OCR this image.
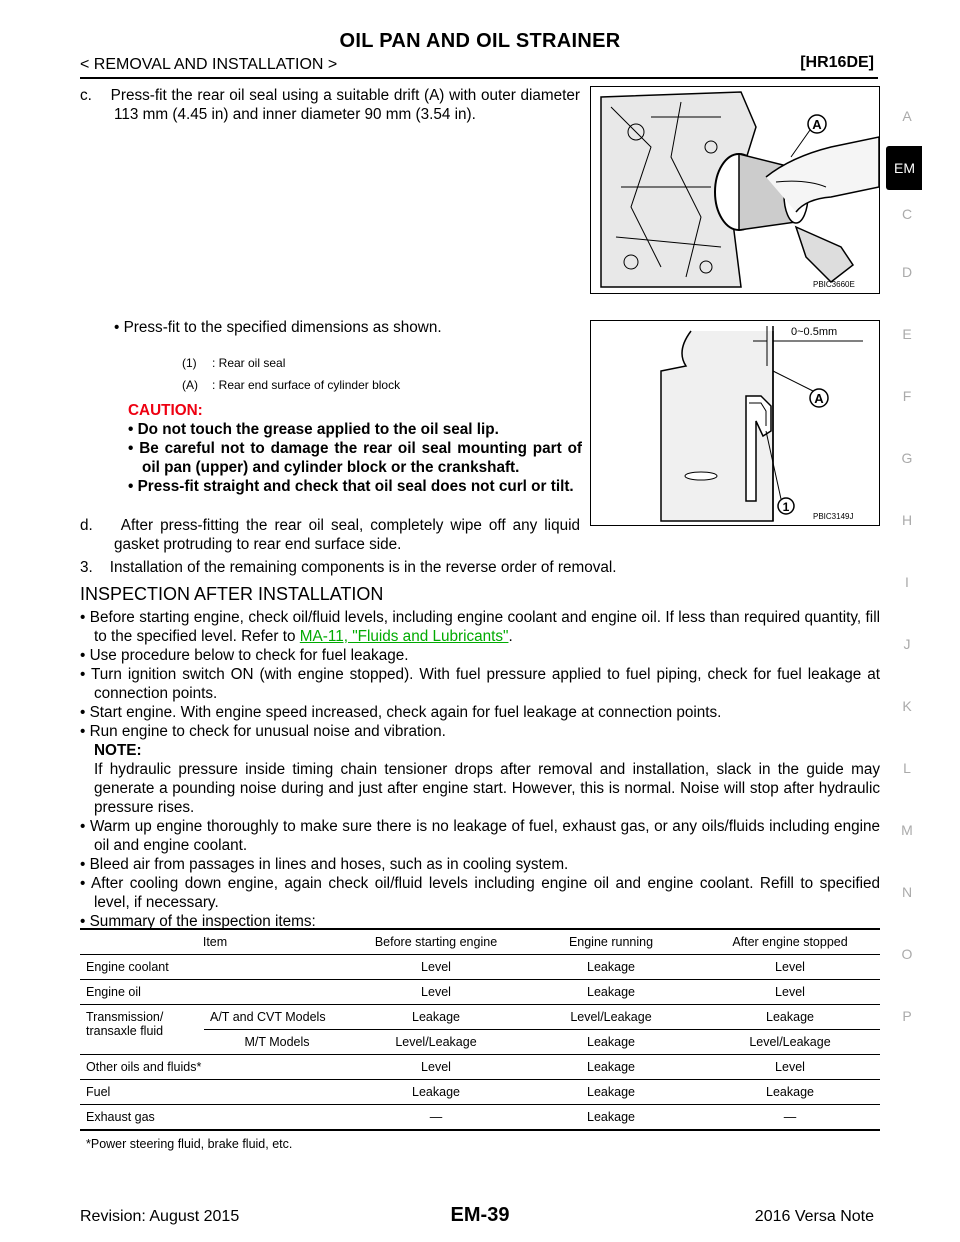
OIL PAN AND OIL STRAINER
< REMOVAL AND INSTALLATION >	[HR16DE]
A
EM
C
D
E
F
G
H
I
J
K
L
M
N
O
P

c. Press-fit the rear oil seal using a suitable drift (A) with outer diameter 113 mm (4.45 in) and inner diameter 90 mm (3.54 in).

• Press-fit to the specified dimensions as shown.
A
PBIC3660E
0~0.5mm
A
1
PBIC3149J
(1) : Rear oil seal
(A) : Rear end surface of cylinder block
CAUTION:
• Do not touch the grease applied to the oil seal lip.
• Be careful not to damage the rear oil seal mounting part of oil pan (upper) and cylinder block or the crankshaft.
• Press-fit straight and check that oil seal does not curl or tilt.

d. After press-fitting the rear oil seal, completely wipe off any liquid gasket protruding to rear end surface side.

3. Installation of the remaining components is in the reverse order of removal.
INSPECTION AFTER INSTALLATION
• Before starting engine, check oil/fluid levels, including engine coolant and engine oil. If less than required quantity, fill to the specified level. Refer to MA-11, "Fluids and Lubricants".
• Use procedure below to check for fuel leakage.
• Turn ignition switch ON (with engine stopped). With fuel pressure applied to fuel piping, check for fuel leakage at connection points.
• Start engine. With engine speed increased, check again for fuel leakage at connection points.
• Run engine to check for unusual noise and vibration.
NOTE:
If hydraulic pressure inside timing chain tensioner drops after removal and installation, slack in the guide may generate a pounding noise during and just after engine start. However, this is normal. Noise will stop after hydraulic pressure rises.
• Warm up engine thoroughly to make sure there is no leakage of fuel, exhaust gas, or any oils/fluids including engine oil and engine coolant.
• Bleed air from passages in lines and hoses, such as in cooling system.
• After cooling down engine, again check oil/fluid levels including engine oil and engine coolant. Refill to specified level, if necessary.
• Summary of the inspection items:
Item		Before starting engine	Engine running	After engine stopped
Engine coolant		Level	Leakage	Level
Engine oil		Level	Leakage	Level
Transmission/ transaxle fluid	A/T and CVT Models	Leakage	Level/Leakage	Leakage
	M/T Models	Level/Leakage	Leakage	Level/Leakage
Other oils and fluids*		Level	Leakage	Level
Fuel		Leakage	Leakage	Leakage
Exhaust gas		—	Leakage	—
*Power steering fluid, brake fluid, etc.
Revision: August 2015	EM-39	2016 Versa Note
